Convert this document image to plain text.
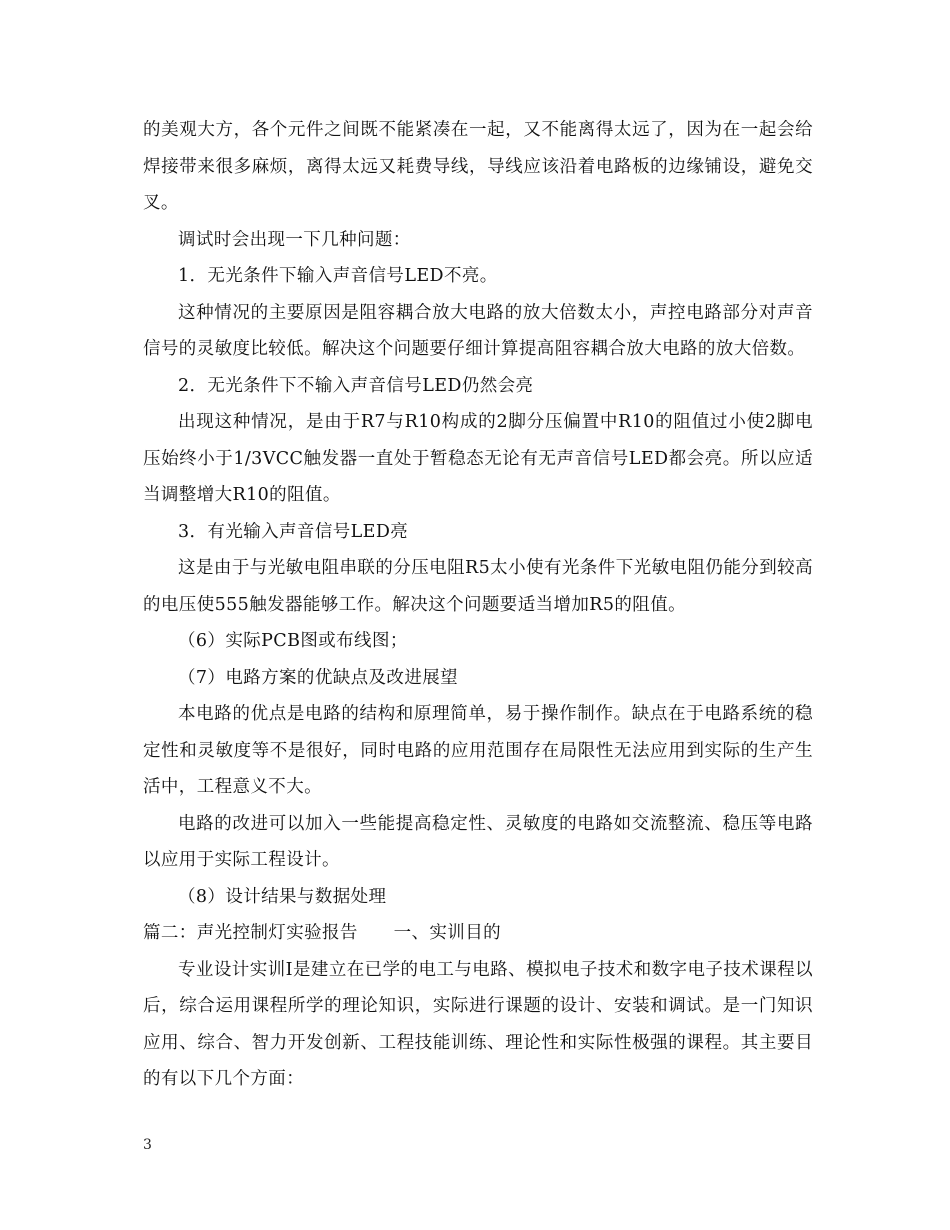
的美观大方，各个元件之间既不能紧凑在一起，又不能离得太远了，因为在一起会给焊接带来很多麻烦，离得太远又耗费导线，导线应该沿着电路板的边缘铺设，避免交叉。

调试时会出现一下几种问题：

1．无光条件下输入声音信号LED不亮。

这种情况的主要原因是阻容耦合放大电路的放大倍数太小，声控电路部分对声音信号的灵敏度比较低。解决这个问题要仔细计算提高阻容耦合放大电路的放大倍数。

2．无光条件下不输入声音信号LED仍然会亮

出现这种情况，是由于R7与R10构成的2脚分压偏置中R10的阻值过小使2脚电压始终小于1/3VCC触发器一直处于暂稳态无论有无声音信号LED都会亮。所以应适当调整增大R10的阻值。

3．有光输入声音信号LED亮

这是由于与光敏电阻串联的分压电阻R5太小使有光条件下光敏电阻仍能分到较高的电压使555触发器能够工作。解决这个问题要适当增加R5的阻值。

（6）实际PCB图或布线图；

（7）电路方案的优缺点及改进展望

本电路的优点是电路的结构和原理简单，易于操作制作。缺点在于电路系统的稳定性和灵敏度等不是很好，同时电路的应用范围存在局限性无法应用到实际的生产生活中，工程意义不大。

电路的改进可以加入一些能提高稳定性、灵敏度的电路如交流整流、稳压等电路以应用于实际工程设计。

（8）设计结果与数据处理

篇二：声光控制灯实验报告　　一、实训目的

专业设计实训Ⅰ是建立在已学的电工与电路、模拟电子技术和数字电子技术课程以后，综合运用课程所学的理论知识，实际进行课题的设计、安装和调试。是一门知识应用、综合、智力开发创新、工程技能训练、理论性和实际性极强的课程。其主要目的有以下几个方面：

3
